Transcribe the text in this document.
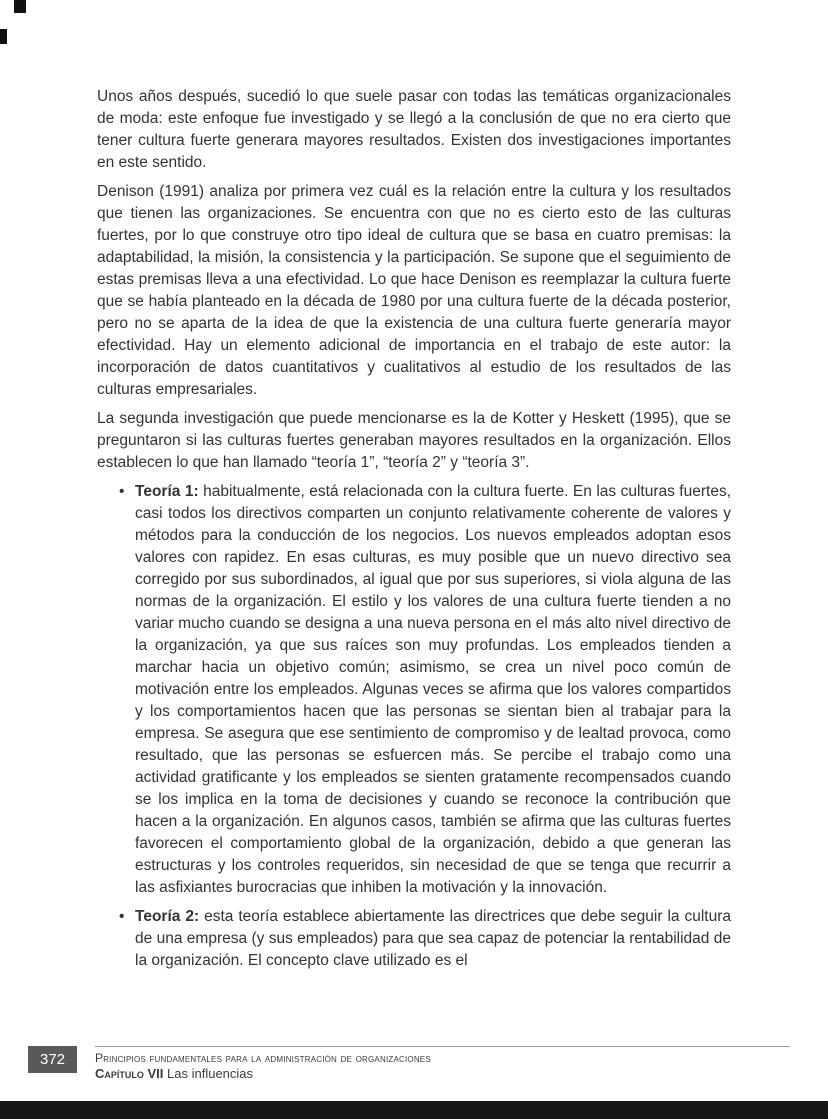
Unos años después, sucedió lo que suele pasar con todas las temáticas organizacionales de moda: este enfoque fue investigado y se llegó a la conclusión de que no era cierto que tener cultura fuerte generara mayores resultados. Existen dos investigaciones importantes en este sentido.

Denison (1991) analiza por primera vez cuál es la relación entre la cultura y los resultados que tienen las organizaciones. Se encuentra con que no es cierto esto de las culturas fuertes, por lo que construye otro tipo ideal de cultura que se basa en cuatro premisas: la adaptabilidad, la misión, la consistencia y la participación. Se supone que el seguimiento de estas premisas lleva a una efectividad. Lo que hace Denison es reemplazar la cultura fuerte que se había planteado en la década de 1980 por una cultura fuerte de la década posterior, pero no se aparta de la idea de que la existencia de una cultura fuerte generaría mayor efectividad. Hay un elemento adicional de importancia en el trabajo de este autor: la incorporación de datos cuantitativos y cualitativos al estudio de los resultados de las culturas empresariales.

La segunda investigación que puede mencionarse es la de Kotter y Heskett (1995), que se preguntaron si las culturas fuertes generaban mayores resultados en la organización. Ellos establecen lo que han llamado “teoría 1”, “teoría 2” y “teoría 3”.

• Teoría 1: habitualmente, está relacionada con la cultura fuerte. En las culturas fuertes, casi todos los directivos comparten un conjunto relativamente coherente de valores y métodos para la conducción de los negocios. Los nuevos empleados adoptan esos valores con rapidez. En esas culturas, es muy posible que un nuevo directivo sea corregido por sus subordinados, al igual que por sus superiores, si viola alguna de las normas de la organización. El estilo y los valores de una cultura fuerte tienden a no variar mucho cuando se designa a una nueva persona en el más alto nivel directivo de la organización, ya que sus raíces son muy profundas. Los empleados tienden a marchar hacia un objetivo común; asimismo, se crea un nivel poco común de motivación entre los empleados. Algunas veces se afirma que los valores compartidos y los comportamientos hacen que las personas se sientan bien al trabajar para la empresa. Se asegura que ese sentimiento de compromiso y de lealtad provoca, como resultado, que las personas se esfuercen más. Se percibe el trabajo como una actividad gratificante y los empleados se sienten gratamente recompensados cuando se los implica en la toma de decisiones y cuando se reconoce la contribución que hacen a la organización. En algunos casos, también se afirma que las culturas fuertes favorecen el comportamiento global de la organización, debido a que generan las estructuras y los controles requeridos, sin necesidad de que se tenga que recurrir a las asfixiantes burocracias que inhiben la motivación y la innovación.
• Teoría 2: esta teoría establece abiertamente las directrices que debe seguir la cultura de una empresa (y sus empleados) para que sea capaz de potenciar la rentabilidad de la organización. El concepto clave utilizado es el
372 Principios fundamentales para la administración de organizaciones
Capítulo VII Las influencias
